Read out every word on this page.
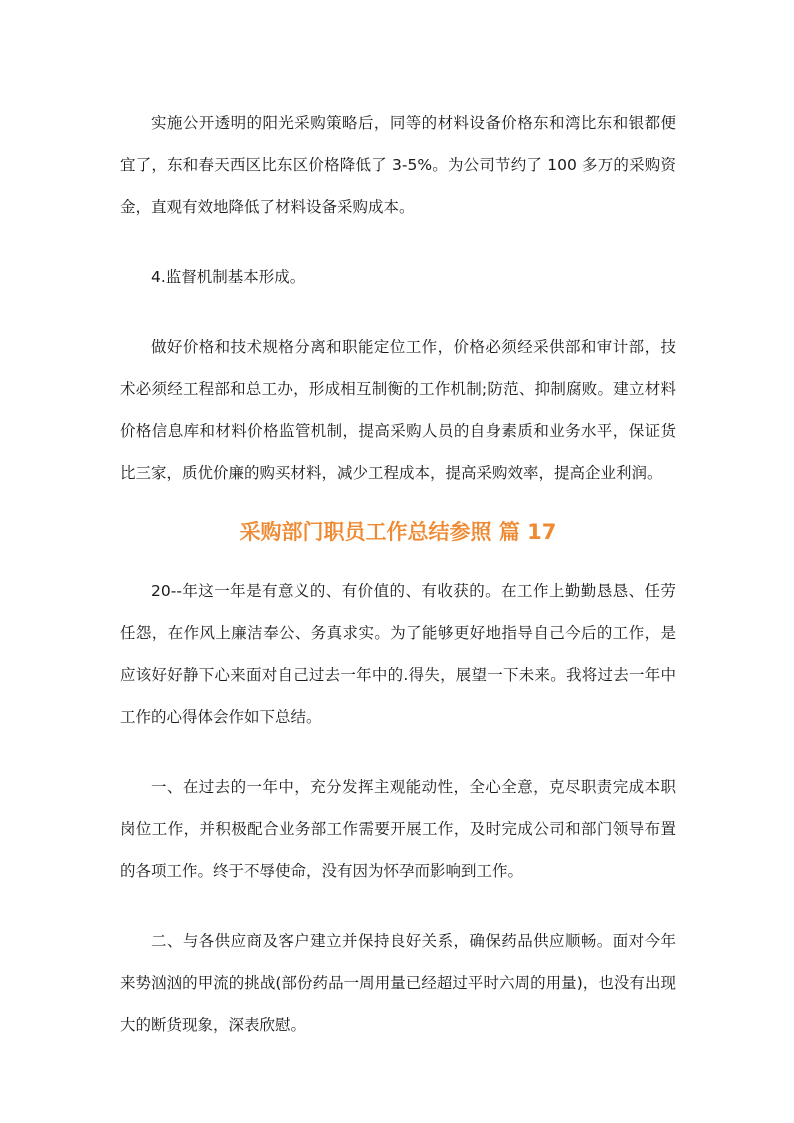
实施公开透明的阳光采购策略后，同等的材料设备价格东和湾比东和银都便宜了，东和春天西区比东区价格降低了 3-5%。为公司节约了 100 多万的采购资金，直观有效地降低了材料设备采购成本。

4.监督机制基本形成。

做好价格和技术规格分离和职能定位工作，价格必须经采供部和审计部，技术必须经工程部和总工办，形成相互制衡的工作机制;防范、抑制腐败。建立材料价格信息库和材料价格监管机制，提高采购人员的自身素质和业务水平，保证货比三家，质优价廉的购买材料，减少工程成本，提高采购效率，提高企业利润。

采购部门职员工作总结参照 篇 17

20--年这一年是有意义的、有价值的、有收获的。在工作上勤勤恳恳、任劳任怨，在作风上廉洁奉公、务真求实。为了能够更好地指导自己今后的工作，是应该好好静下心来面对自己过去一年中的.得失，展望一下未来。我将过去一年中工作的心得体会作如下总结。

一、在过去的一年中，充分发挥主观能动性，全心全意，克尽职责完成本职岗位工作，并积极配合业务部工作需要开展工作，及时完成公司和部门领导布置的各项工作。终于不辱使命，没有因为怀孕而影响到工作。

二、与各供应商及客户建立并保持良好关系，确保药品供应顺畅。面对今年来势汹汹的甲流的挑战(部份药品一周用量已经超过平时六周的用量)，也没有出现大的断货现象，深表欣慰。
